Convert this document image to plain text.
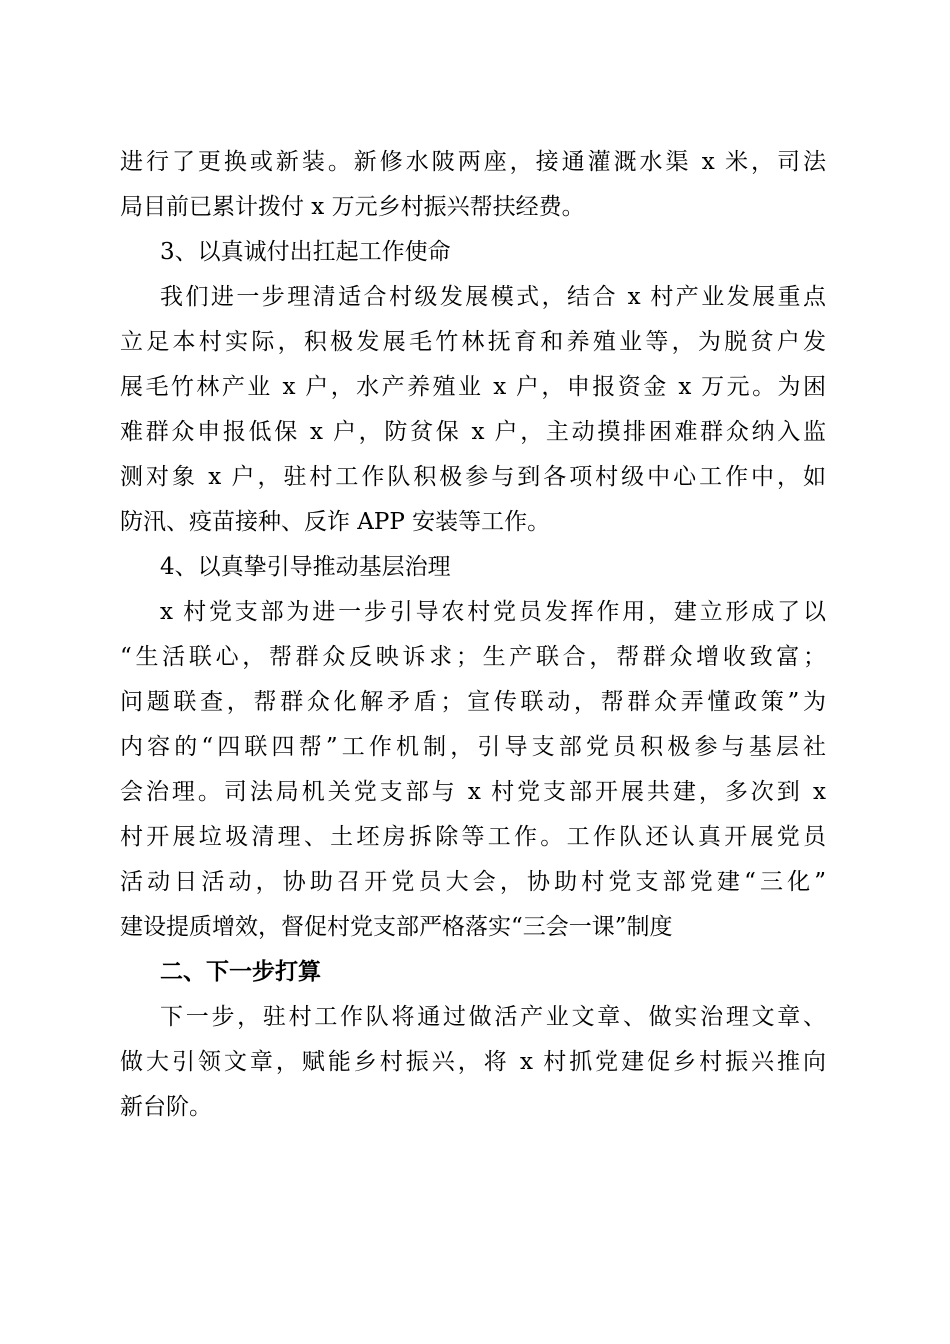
进行了更换或新装。新修水陂两座，接通灌溉水渠 x 米，司法
局目前已累计拨付 x 万元乡村振兴帮扶经费。
3、以真诚付出扛起工作使命
我们进一步理清适合村级发展模式，结合 x 村产业发展重点
立足本村实际，积极发展毛竹林抚育和养殖业等，为脱贫户发
展毛竹林产业 x 户，水产养殖业 x 户，申报资金 x 万元。为困
难群众申报低保 x 户，防贫保 x 户，主动摸排困难群众纳入监
测对象 x 户，驻村工作队积极参与到各项村级中心工作中，如
防汛、疫苗接种、反诈 APP 安装等工作。
4、以真挚引导推动基层治理
x 村党支部为进一步引导农村党员发挥作用，建立形成了以
“生活联心，帮群众反映诉求；生产联合，帮群众增收致富；
问题联查，帮群众化解矛盾；宣传联动，帮群众弄懂政策”为
内容的“四联四帮”工作机制，引导支部党员积极参与基层社
会治理。司法局机关党支部与 x 村党支部开展共建，多次到 x
村开展垃圾清理、土坯房拆除等工作。工作队还认真开展党员
活动日活动，协助召开党员大会，协助村党支部党建“三化”
建设提质增效，督促村党支部严格落实“三会一课”制度
二、下一步打算
下一步，驻村工作队将通过做活产业文章、做实治理文章、
做大引领文章，赋能乡村振兴，将 x 村抓党建促乡村振兴推向
新台阶。
